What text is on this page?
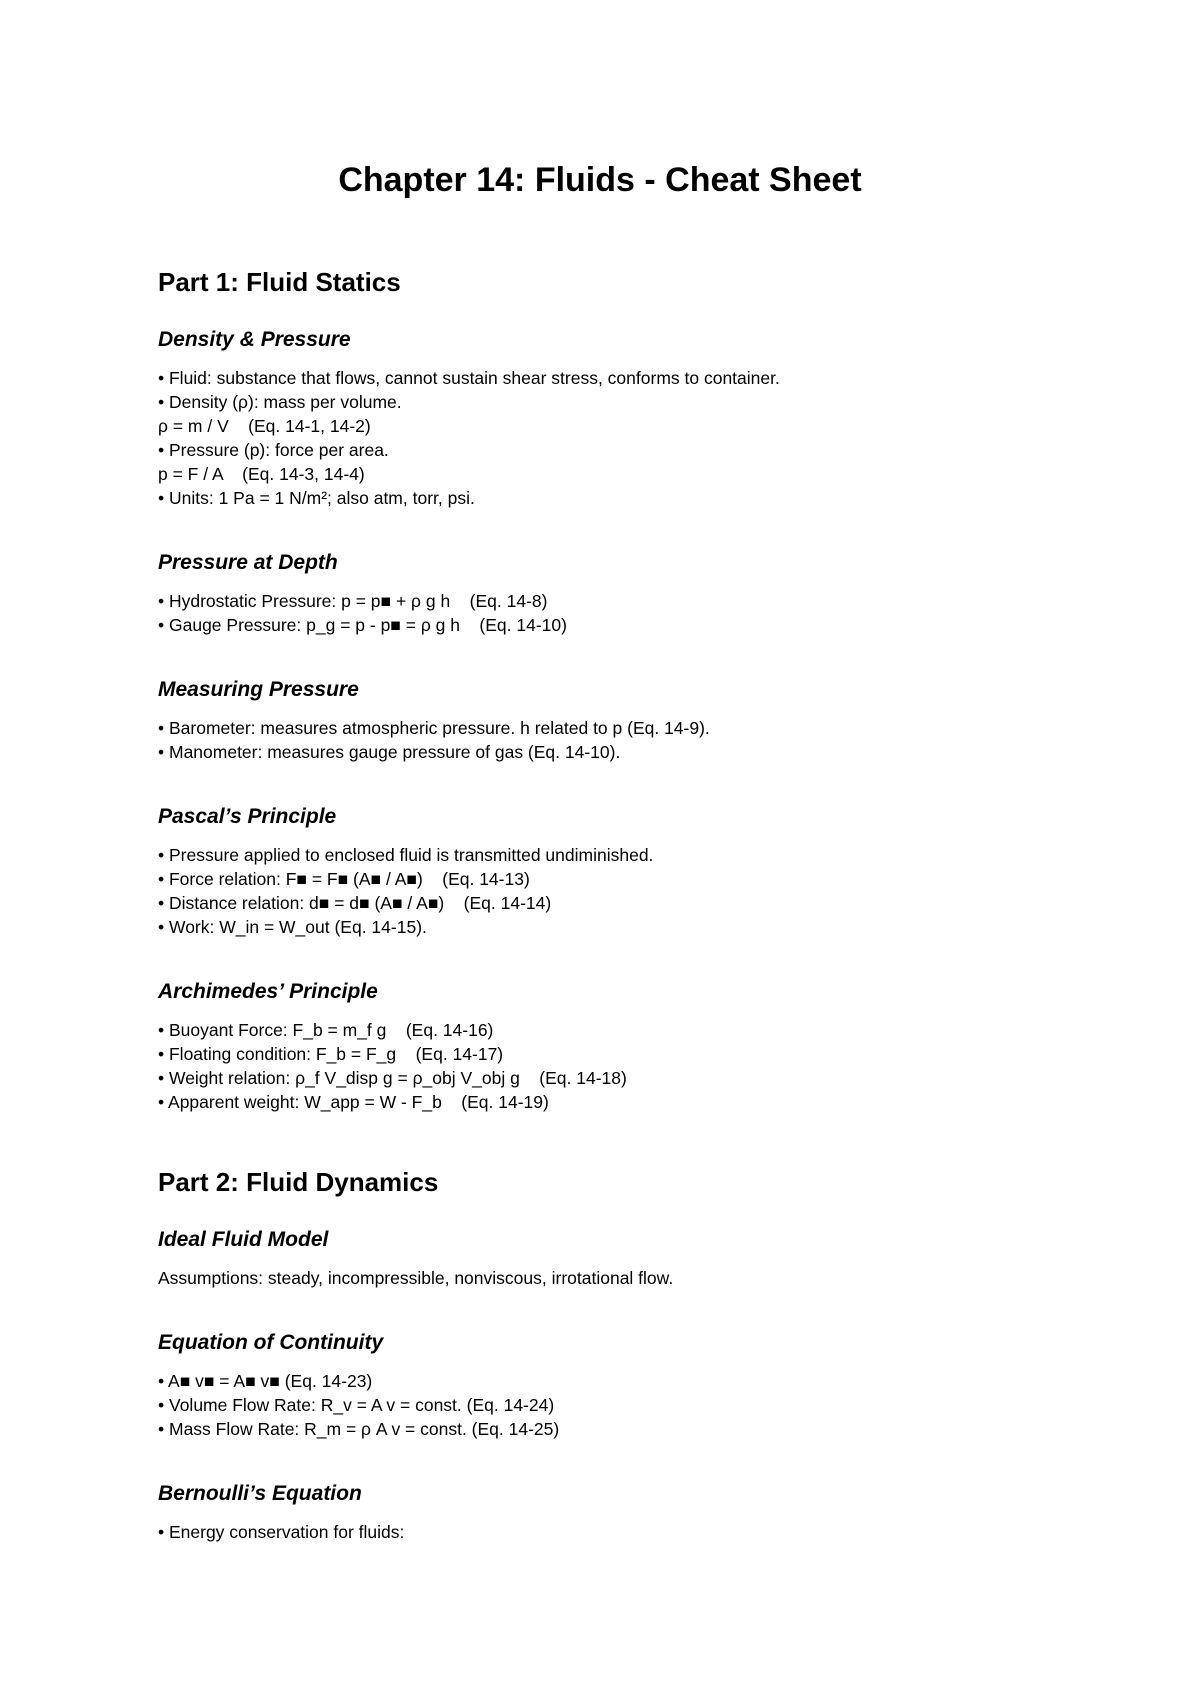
Chapter 14: Fluids - Cheat Sheet
Part 1: Fluid Statics
Density & Pressure
• Fluid: substance that flows, cannot sustain shear stress, conforms to container.
• Density (ρ): mass per volume.
ρ = m / V    (Eq. 14-1, 14-2)
• Pressure (p): force per area.
p = F / A    (Eq. 14-3, 14-4)
• Units: 1 Pa = 1 N/m²; also atm, torr, psi.
Pressure at Depth
• Hydrostatic Pressure: p = p■ + ρ g h    (Eq. 14-8)
• Gauge Pressure: p_g = p - p■ = ρ g h    (Eq. 14-10)
Measuring Pressure
• Barometer: measures atmospheric pressure. h related to p (Eq. 14-9).
• Manometer: measures gauge pressure of gas (Eq. 14-10).
Pascal’s Principle
• Pressure applied to enclosed fluid is transmitted undiminished.
• Force relation: F■ = F■ (A■ / A■)    (Eq. 14-13)
• Distance relation: d■ = d■ (A■ / A■)    (Eq. 14-14)
• Work: W_in = W_out (Eq. 14-15).
Archimedes’ Principle
• Buoyant Force: F_b = m_f g    (Eq. 14-16)
• Floating condition: F_b = F_g    (Eq. 14-17)
• Weight relation: ρ_f V_disp g = ρ_obj V_obj g    (Eq. 14-18)
• Apparent weight: W_app = W - F_b    (Eq. 14-19)
Part 2: Fluid Dynamics
Ideal Fluid Model
Assumptions: steady, incompressible, nonviscous, irrotational flow.
Equation of Continuity
• A■ v■ = A■ v■ (Eq. 14-23)
• Volume Flow Rate: R_v = A v = const. (Eq. 14-24)
• Mass Flow Rate: R_m = ρ A v = const. (Eq. 14-25)
Bernoulli’s Equation
• Energy conservation for fluids:
